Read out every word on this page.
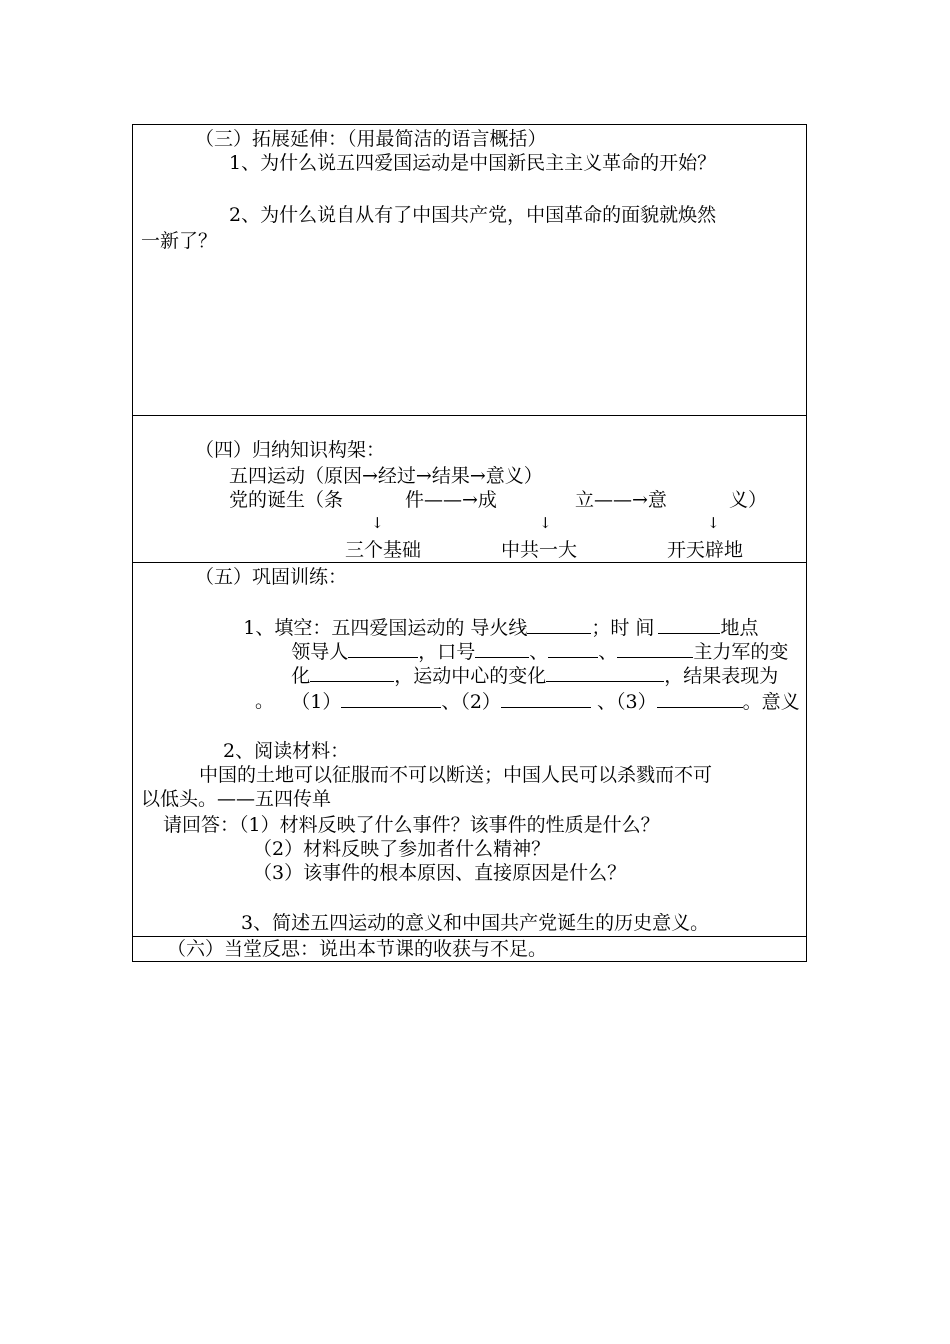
（三）拓展延伸：（用最简洁的语言概括）
1、为什么说五四爱国运动是中国新民主主义革命的开始？
2、为什么说自从有了中国共产党，中国革命的面貌就焕然
一新了？
（四）归纳知识构架：
五四运动（原因→经过→结果→意义）
党的诞生（条	件——→成	立——→意	义）
↓	↓	↓
三个基础	中共一大	开天辟地
（五）巩固训练：

1、填空：五四爱国运动的 导火线	；时 间	地点

领导人	，口号	、	、	主力军的变

化	，运动中心的变化	，结果表现为

（1）	、（2）	、（3）	。意义

。
2、阅读材料：
中国的土地可以征服而不可以断送；中国人民可以杀戮而不可
以低头。——五四传单
请回答：（1）材料反映了什么事件？该事件的性质是什么？
（2）材料反映了参加者什么精神？
（3）该事件的根本原因、直接原因是什么？
3、简述五四运动的意义和中国共产党诞生的历史意义。
（六）当堂反思：说出本节课的收获与不足。
